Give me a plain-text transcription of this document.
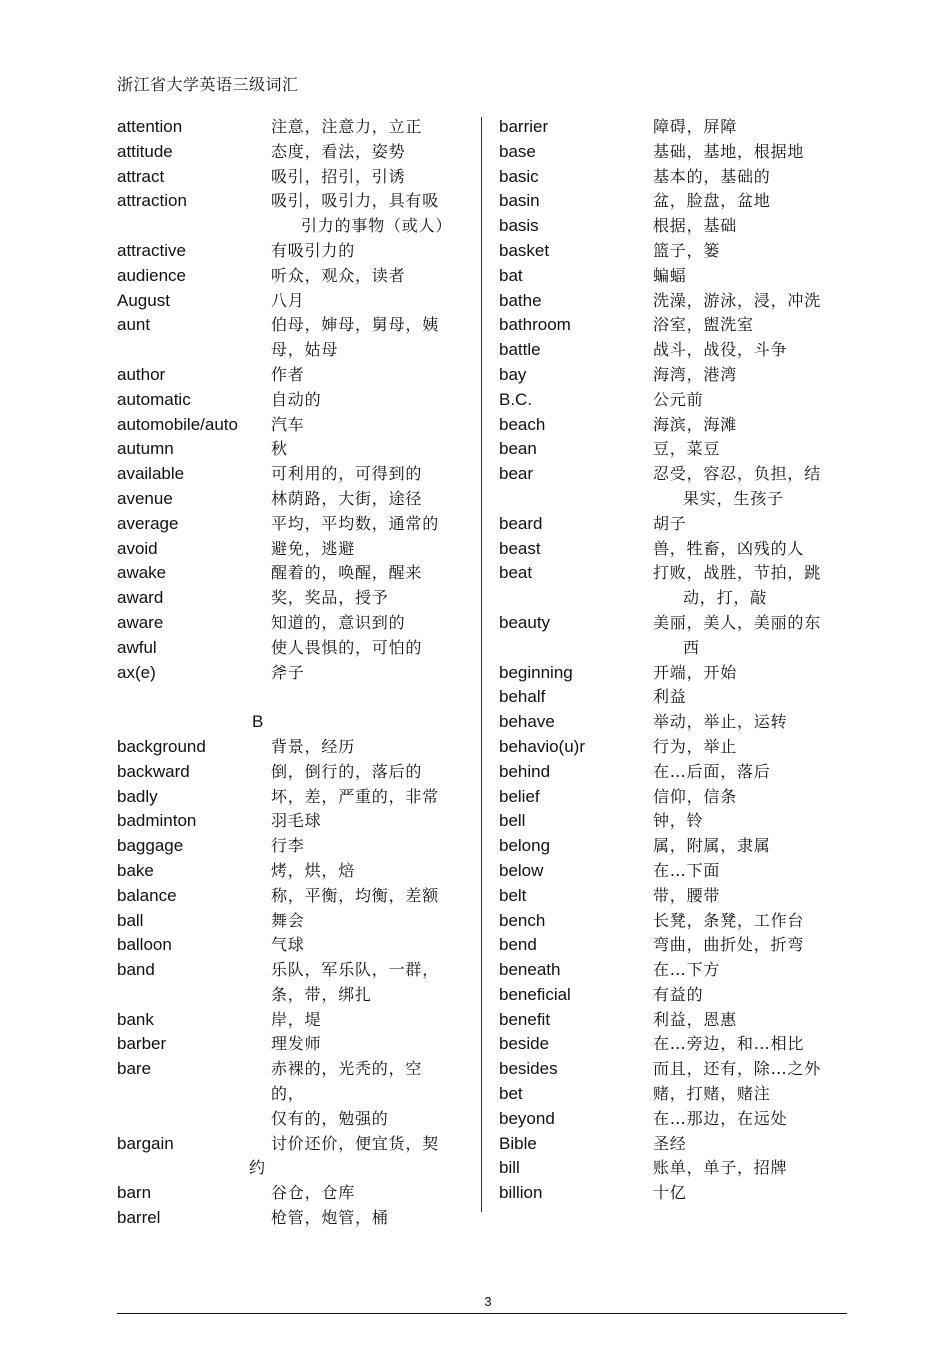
浙江省大学英语三级词汇
attention	注意，注意力，立正
attitude	态度，看法，姿势
attract	吸引，招引，引诱
attraction	吸引，吸引力，具有吸
引力的事物（或人）
attractive	有吸引力的
audience	听众，观众，读者
August	八月
aunt	伯母，婶母，舅母，姨
母，姑母
author	作者
automatic	自动的
automobile/auto	汽车
autumn	秋
available	可利用的，可得到的
avenue	林荫路，大街，途径
average	平均，平均数，通常的
avoid	避免，逃避
awake	醒着的，唤醒，醒来
award	奖，奖品，授予
aware	知道的，意识到的
awful	使人畏惧的，可怕的
ax(e)	斧子
B
background	背景，经历
backward	倒，倒行的，落后的
badly	坏，差，严重的，非常
badminton	羽毛球
baggage	行李
bake	烤，烘，焙
balance	称，平衡，均衡，差额
ball	舞会
balloon	气球
band	乐队，军乐队，一群，
条，带，绑扎
bank	岸，堤
barber	理发师
bare	赤裸的，光秃的，空的，
仅有的，勉强的
bargain	讨价还价，便宜货，契
约
barn	谷仓，仓库
barrel	枪管，炮管，桶
barrier	障碍，屏障
base	基础，基地，根据地
basic	基本的，基础的
basin	盆，脸盘，盆地
basis	根据，基础
basket	篮子，篓
bat	蝙蝠
bathe	洗澡，游泳，浸，冲洗
bathroom	浴室，盥洗室
battle	战斗，战役，斗争
bay	海湾，港湾
B.C.	公元前
beach	海滨，海滩
bean	豆，菜豆
bear	忍受，容忍，负担，结
果实，生孩子
beard	胡子
beast	兽，牲畜，凶残的人
beat	打败，战胜，节拍，跳
动，打，敲
beauty	美丽，美人，美丽的东
西
beginning	开端，开始
behalf	利益
behave	举动，举止，运转
behavio(u)r	行为，举止
behind	在…后面，落后
belief	信仰，信条
bell	钟，铃
belong	属，附属，隶属
below	在…下面
belt	带，腰带
bench	长凳，条凳，工作台
bend	弯曲，曲折处，折弯
beneath	在…下方
beneficial	有益的
benefit	利益，恩惠
beside	在…旁边，和…相比
besides	而且，还有，除…之外
bet	赌，打赌，赌注
beyond	在…那边，在远处
Bible	圣经
bill	账单，单子，招牌
billion	十亿
3
